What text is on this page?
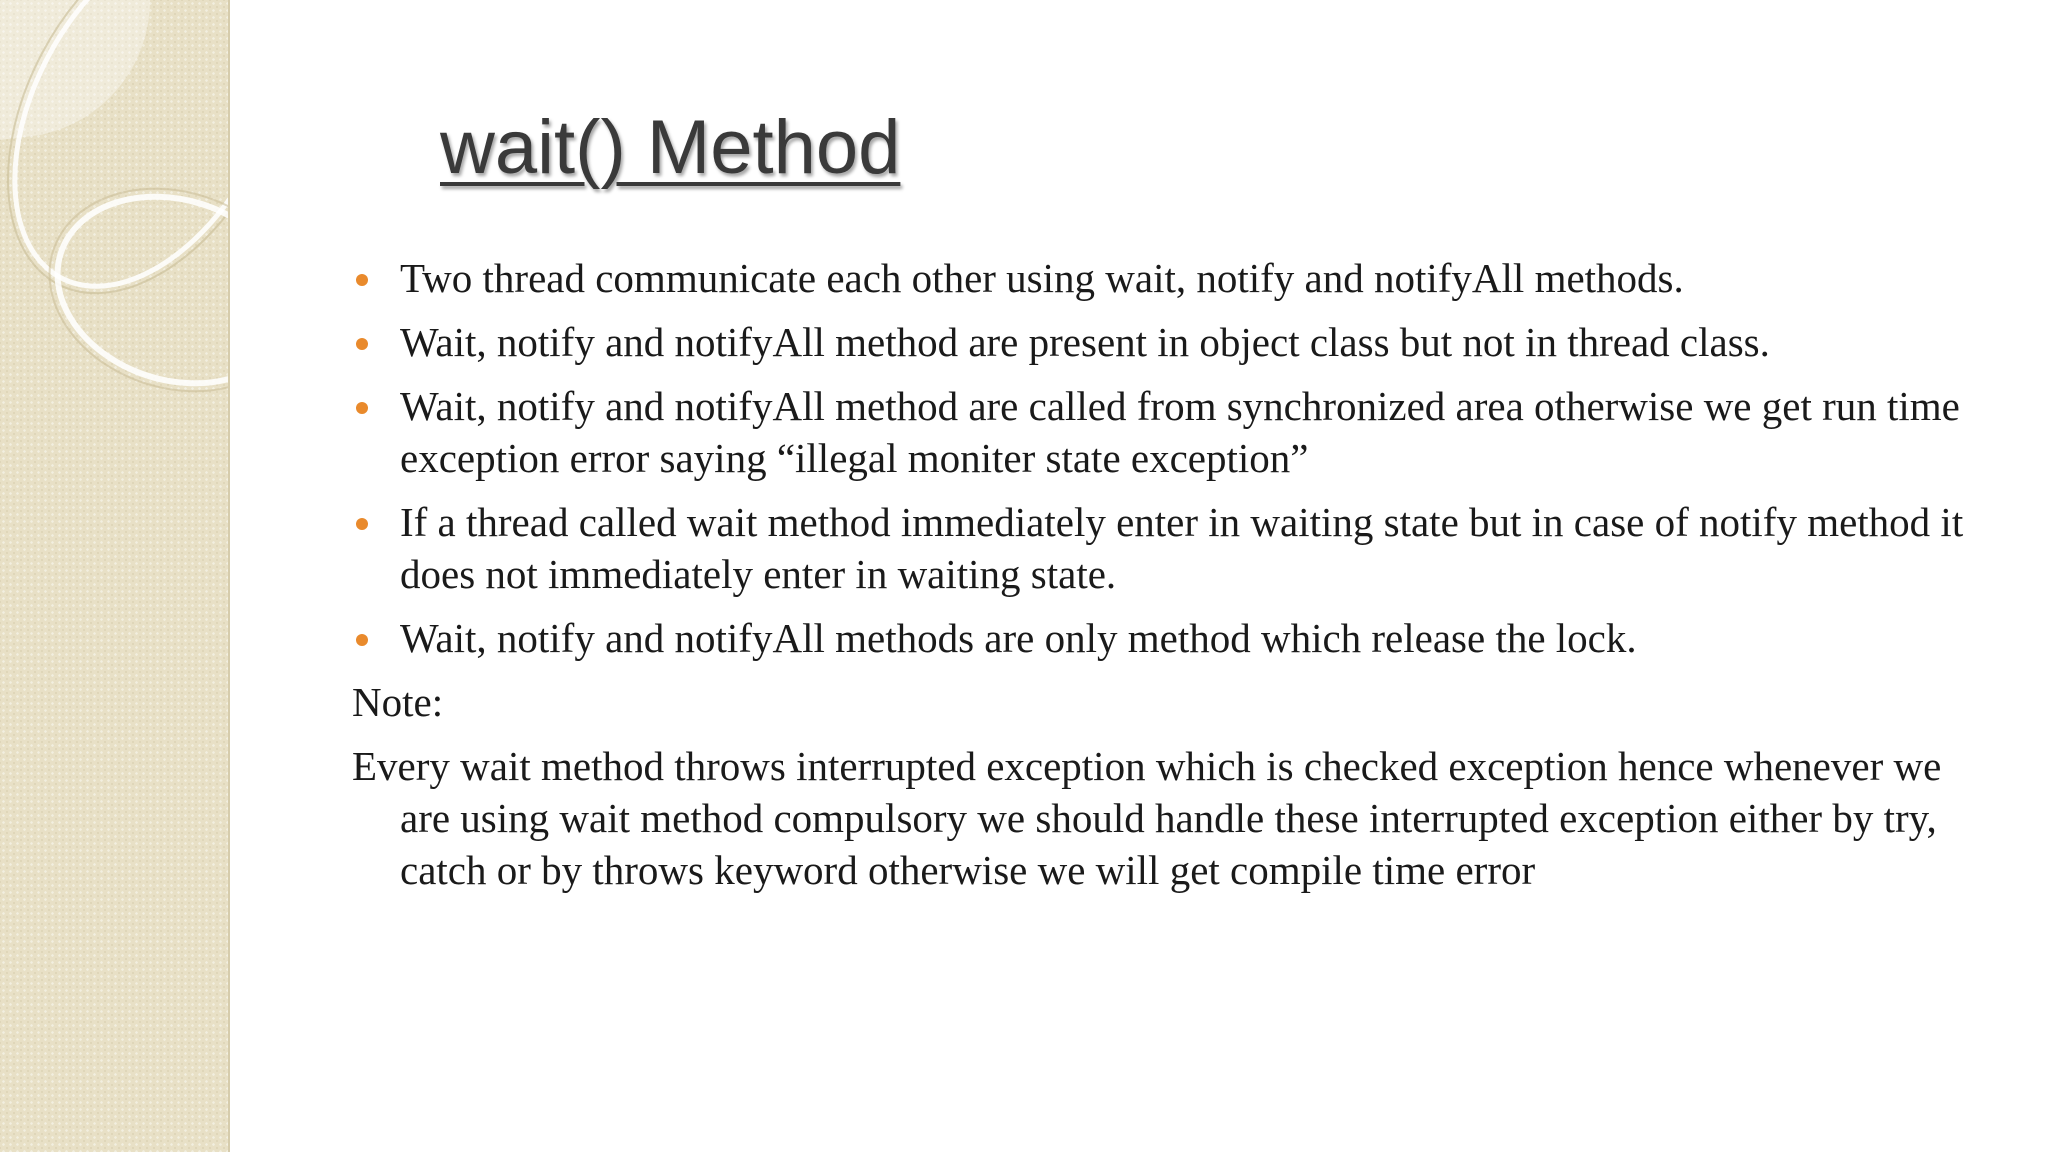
wait() Method
Two thread communicate each other using wait, notify and notifyAll methods.
Wait, notify and notifyAll method are present in object class but not in thread class.
Wait, notify and notifyAll method are called from synchronized area otherwise we get run time exception error saying “illegal moniter state exception”
If a thread called wait method immediately enter in waiting state but in case of notify method it does not immediately enter in waiting state.
Wait, notify and notifyAll methods are only method which release the lock.

Note:

Every wait method throws interrupted exception which is checked exception hence whenever we are using wait method compulsory we should handle these interrupted exception either by try, catch or by throws keyword otherwise we will get compile time error
